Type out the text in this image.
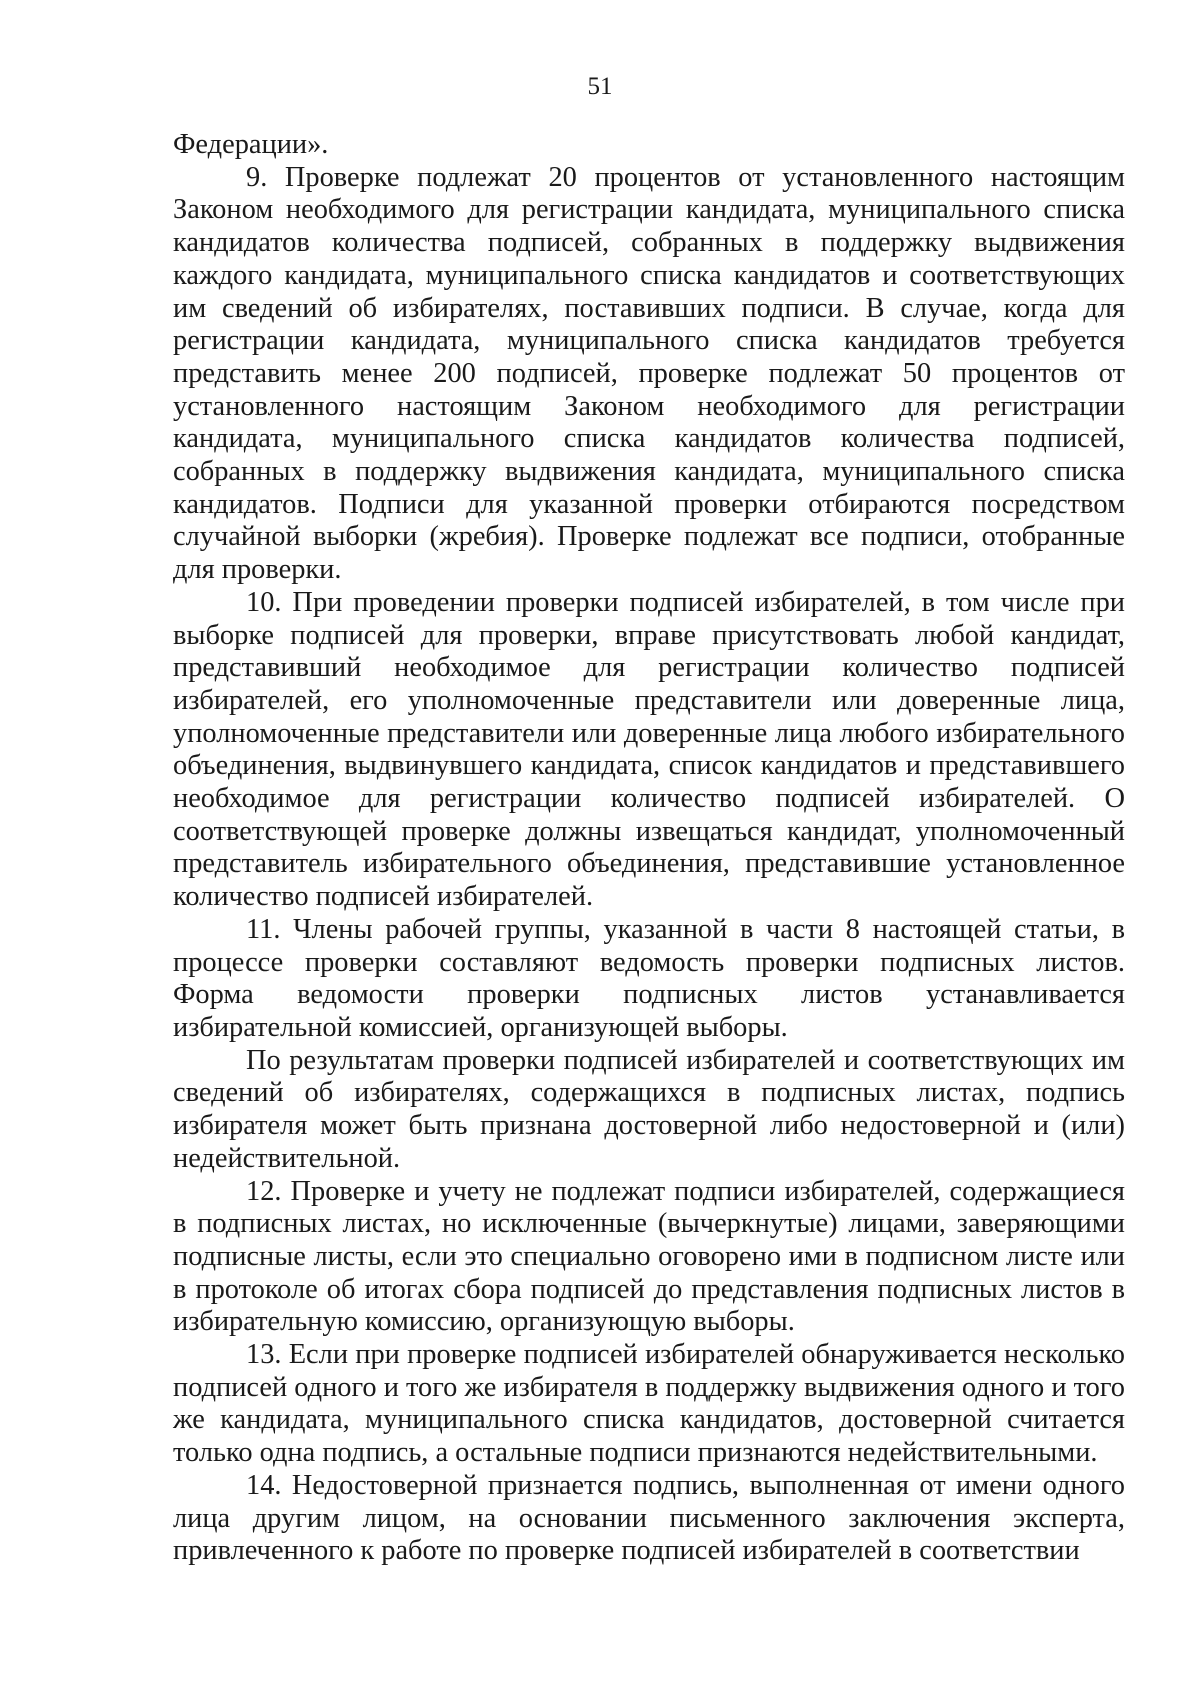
51

Федерации».

9. Проверке подлежат 20 процентов от установленного настоящим Законом необходимого для регистрации кандидата, муниципального списка кандидатов количества подписей, собранных в поддержку выдвижения каждого кандидата, муниципального списка кандидатов и соответствующих им сведений об избирателях, поставивших подписи. В случае, когда для регистрации кандидата, муниципального списка кандидатов требуется представить менее 200 подписей, проверке подлежат 50 процентов от установленного настоящим Законом необходимого для регистрации кандидата, муниципального списка кандидатов количества подписей, собранных в поддержку выдвижения кандидата, муниципального списка кандидатов. Подписи для указанной проверки отбираются посредством случайной выборки (жребия). Проверке подлежат все подписи, отобранные для проверки.

10. При проведении проверки подписей избирателей, в том числе при выборке подписей для проверки, вправе присутствовать любой кандидат, представивший необходимое для регистрации количество подписей избирателей, его уполномоченные представители или доверенные лица, уполномоченные представители или доверенные лица любого избирательного объединения, выдвинувшего кандидата, список кандидатов и представившего необходимое для регистрации количество подписей избирателей. О соответствующей проверке должны извещаться кандидат, уполномоченный представитель избирательного объединения, представившие установленное количество подписей избирателей.

11. Члены рабочей группы, указанной в части 8 настоящей статьи, в процессе проверки составляют ведомость проверки подписных листов. Форма ведомости проверки подписных листов устанавливается избирательной комиссией, организующей выборы.

По результатам проверки подписей избирателей и соответствующих им сведений об избирателях, содержащихся в подписных листах, подпись избирателя может быть признана достоверной либо недостоверной и (или) недействительной.

12. Проверке и учету не подлежат подписи избирателей, содержащиеся в подписных листах, но исключенные (вычеркнутые) лицами, заверяющими подписные листы, если это специально оговорено ими в подписном листе или в протоколе об итогах сбора подписей до представления подписных листов в избирательную комиссию, организующую выборы.

13. Если при проверке подписей избирателей обнаруживается несколько подписей одного и того же избирателя в поддержку выдвижения одного и того же кандидата, муниципального списка кандидатов, достоверной считается только одна подпись, а остальные подписи признаются недействительными.

14. Недостоверной признается подпись, выполненная от имени одного лица другим лицом, на основании письменного заключения эксперта, привлеченного к работе по проверке подписей избирателей в соответствии
